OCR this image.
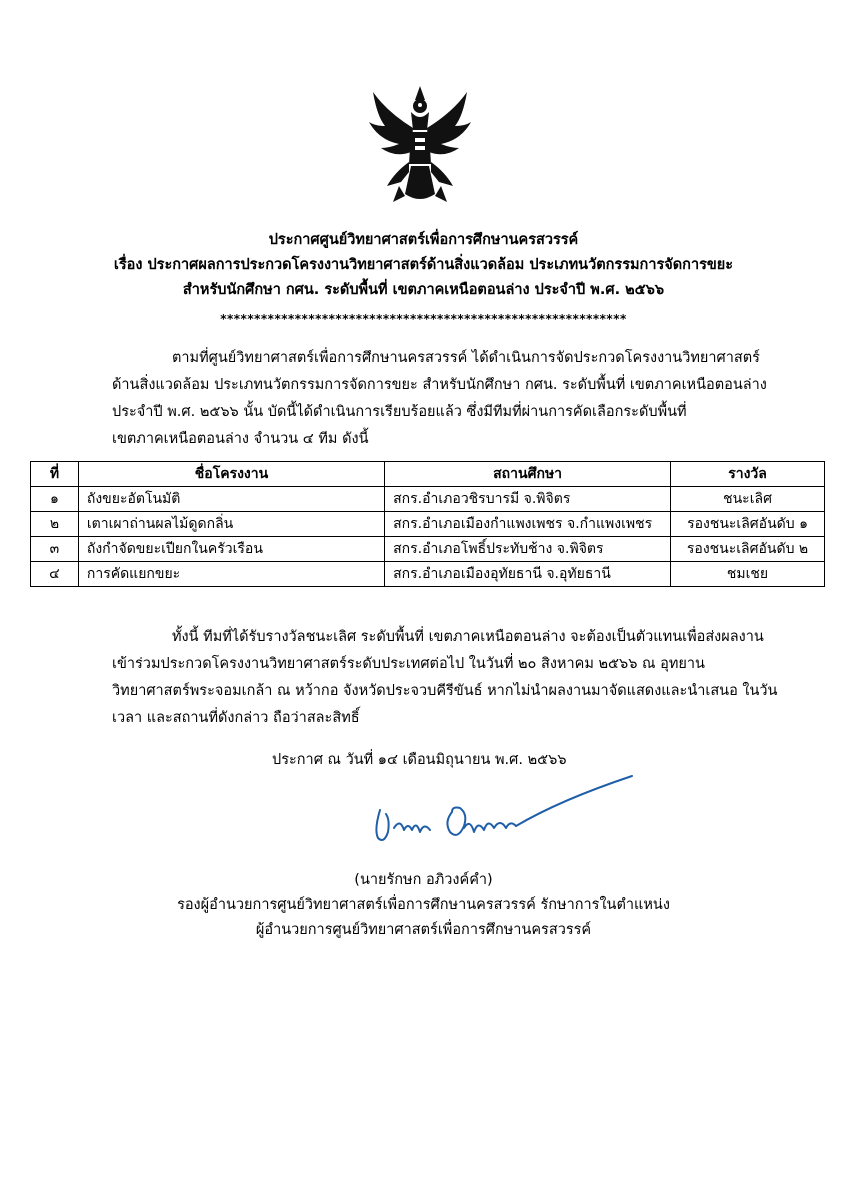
ประกาศศูนย์วิทยาศาสตร์เพื่อการศึกษานครสวรรค์
เรื่อง ประกาศผลการประกวดโครงงานวิทยาศาสตร์ด้านสิ่งแวดล้อม ประเภทนวัตกรรมการจัดการขยะ
สำหรับนักศึกษา กศน. ระดับพื้นที่ เขตภาคเหนือตอนล่าง ประจำปี พ.ศ. ๒๕๖๖
************************************************************
ตามที่ศูนย์วิทยาศาสตร์เพื่อการศึกษานครสวรรค์ ได้ดำเนินการจัดประกวดโครงงานวิทยาศาสตร์
ด้านสิ่งแวดล้อม ประเภทนวัตกรรมการจัดการขยะ สำหรับนักศึกษา กศน. ระดับพื้นที่ เขตภาคเหนือตอนล่าง
ประจำปี พ.ศ. ๒๕๖๖ นั้น บัดนี้ได้ดำเนินการเรียบร้อยแล้ว ซึ่งมีทีมที่ผ่านการคัดเลือกระดับพื้นที่
เขตภาคเหนือตอนล่าง จำนวน ๔ ทีม ดังนี้
ที่	ชื่อโครงงาน	สถานศึกษา	รางวัล
๑	ถังขยะอัตโนมัติ	สกร.อำเภอวชิรบารมี จ.พิจิตร	ชนะเลิศ
๒	เตาเผาถ่านผลไม้ดูดกลิ่น	สกร.อำเภอเมืองกำแพงเพชร จ.กำแพงเพชร	รองชนะเลิศอันดับ ๑
๓	ถังกำจัดขยะเปียกในครัวเรือน	สกร.อำเภอโพธิ์ประทับช้าง จ.พิจิตร	รองชนะเลิศอันดับ ๒
๔	การคัดแยกขยะ	สกร.อำเภอเมืองอุทัยธานี จ.อุทัยธานี	ชมเชย
ทั้งนี้ ทีมที่ได้รับรางวัลชนะเลิศ ระดับพื้นที่ เขตภาคเหนือตอนล่าง จะต้องเป็นตัวแทนเพื่อส่งผลงาน
เข้าร่วมประกวดโครงงานวิทยาศาสตร์ระดับประเทศต่อไป ในวันที่ ๒๐ สิงหาคม ๒๕๖๖ ณ อุทยาน
วิทยาศาสตร์พระจอมเกล้า ณ หว้ากอ จังหวัดประจวบคีรีขันธ์ หากไม่นำผลงานมาจัดแสดงและนำเสนอ ในวัน
เวลา และสถานที่ดังกล่าว ถือว่าสละสิทธิ์
ประกาศ ณ วันที่ ๑๔ เดือนมิถุนายน พ.ศ. ๒๕๖๖
(นายรักษก อภิวงค์คำ)
รองผู้อำนวยการศูนย์วิทยาศาสตร์เพื่อการศึกษานครสวรรค์ รักษาการในตำแหน่ง
ผู้อำนวยการศูนย์วิทยาศาสตร์เพื่อการศึกษานครสวรรค์
